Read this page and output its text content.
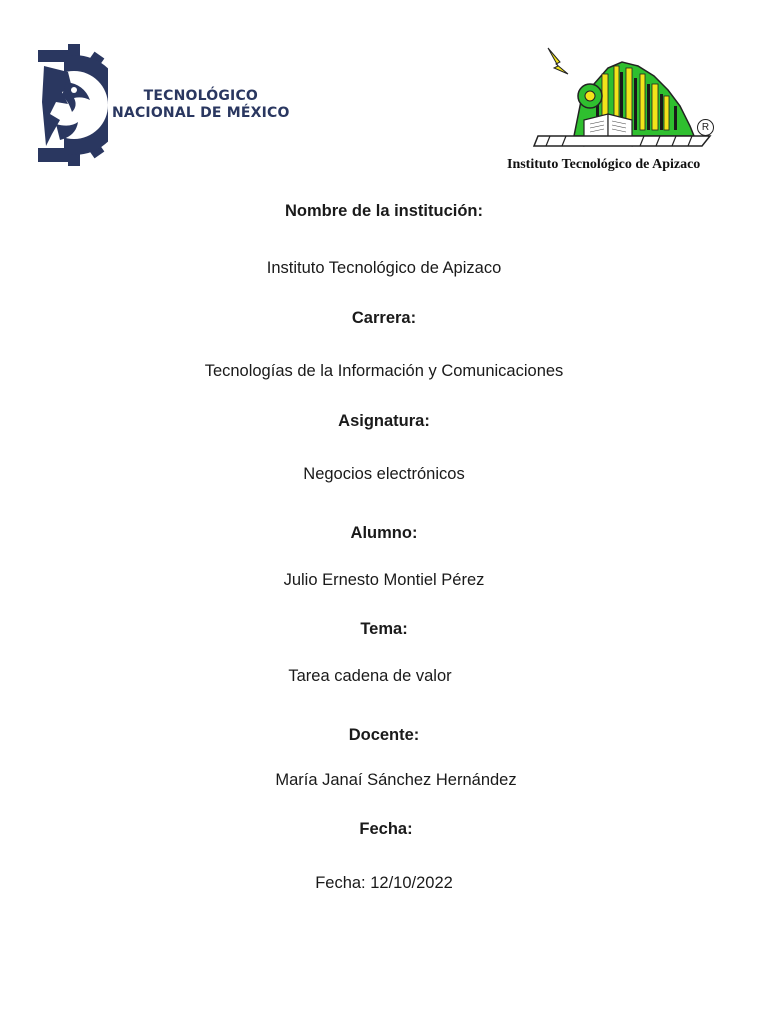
TECNOLÓGICO
NACIONAL DE MÉXICO
R
Instituto Tecnológico de Apizaco
Nombre de la institución:
Instituto Tecnológico de Apizaco
Carrera:
Tecnologías de la Información y Comunicaciones
Asignatura:
Negocios electrónicos
Alumno:
Julio Ernesto Montiel Pérez
Tema:
Tarea cadena de valor
Docente:
María Janaí Sánchez Hernández
Fecha:
Fecha: 12/10/2022
